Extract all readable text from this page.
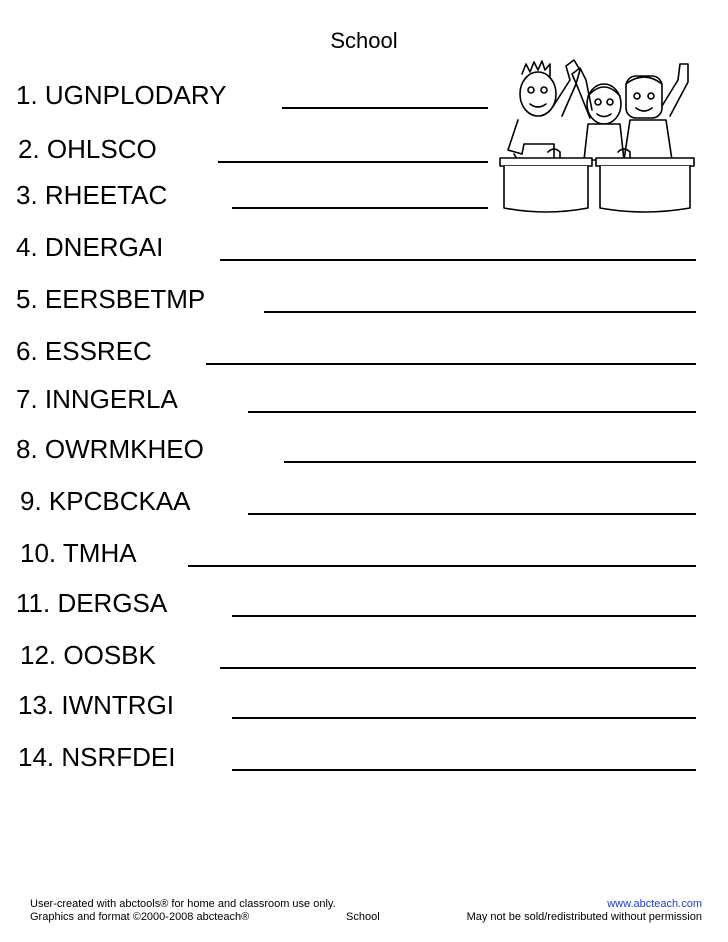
School
1. UGNPLODARY
2. OHLSCO
3. RHEETAC
4. DNERGAI
5. EERSBETMP
6. ESSREC
7. INNGERLA
8. OWRMKHEO
9. KPCBCKAA
10. TMHA
11. DERGSA
12. OOSBK
13. IWNTRGI
14. NSRFDEI
User-created with abctools® for home and classroom use only.	www.abcteach.com
Graphics and format ©2000-2008 abcteach®	School	May not be sold/redistributed without permission
